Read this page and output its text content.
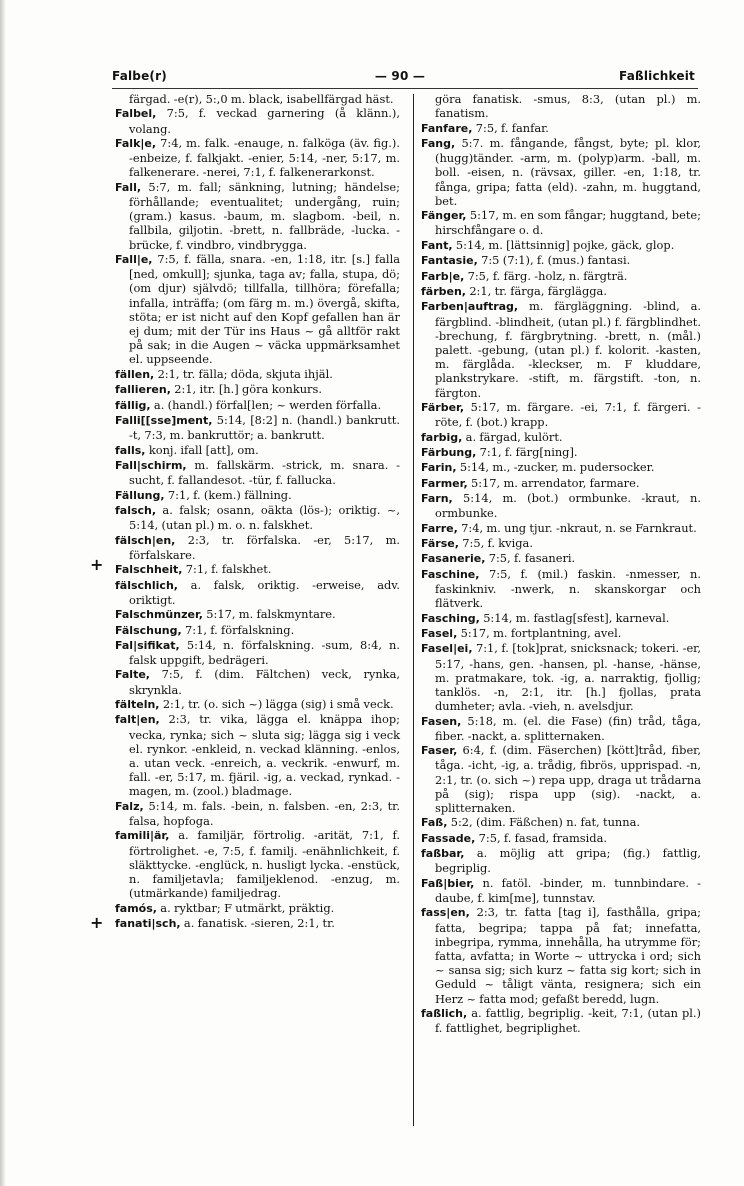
Falbe(r)	— 90 —	Faßlichkeit
+
+
färgad. -e(r), 5:,0 m. black, isabellfärgad häst.
Falbel, 7:5, f. veckad garnering (å klänn.), volang.
Falk|e, 7:4, m. falk. -enauge, n. falköga (äv. fig.). -enbeize, f. falkjakt. -enier, 5:14, -ner, 5:17, m. falkenerare. -nerei, 7:1, f. falkenerarkonst.
Fall, 5:7, m. fall; sänkning, lutning; händelse; förhållande; eventualitet; undergång, ruin; (gram.) kasus. -baum, m. slagbom. -beil, n. fallbila, giljotin. -brett, n. fallbräde, -lucka. -brücke, f. vindbro, vindbrygga.
Fall|e, 7:5, f. fälla, snara. -en, 1:18, itr. [s.] falla [ned, omkull]; sjunka, taga av; falla, stupa, dö; (om djur) självdö; tillfalla, tillhöra; förefalla; infalla, inträffa; (om färg m. m.) övergå, skifta, stöta; er ist nicht auf den Kopf gefallen han är ej dum; mit der Tür ins Haus ~ gå alltför rakt på sak; in die Augen ~ väcka uppmärksamhet el. uppseende.
fällen, 2:1, tr. fälla; döda, skjuta ihjäl.
fallieren, 2:1, itr. [h.] göra konkurs.
fällig, a. (handl.) förfal[len; ~ werden förfalla.
Falli[[sse]ment, 5:14, [8:2] n. (handl.) bankrutt. -t, 7:3, m. bankruttör; a. bankrutt.
falls, konj. ifall [att], om.
Fall|schirm, m. fallskärm. -strick, m. snara. -sucht, f. fallandesot. -tür, f. fallucka.
Fällung, 7:1, f. (kem.) fällning.
falsch, a. falsk; osann, oäkta (lös-); oriktig. ~, 5:14, (utan pl.) m. o. n. falskhet.
fälsch|en, 2:3, tr. förfalska. -er, 5:17, m. förfalskare.
Falschheit, 7:1, f. falskhet.
fälschlich, a. falsk, oriktig. -erweise, adv. oriktigt.
Falschmünzer, 5:17, m. falskmyntare.
Fälschung, 7:1, f. förfalskning.
Fal|sifikat, 5:14, n. förfalskning. -sum, 8:4, n. falsk uppgift, bedrägeri.
Falte, 7:5, f. (dim. Fältchen) veck, rynka, skrynkla.
fälteln, 2:1, tr. (o. sich ~) lägga (sig) i små veck.
falt|en, 2:3, tr. vika, lägga el. knäppa ihop; vecka, rynka; sich ~ sluta sig; lägga sig i veck el. rynkor. -enkleid, n. veckad klänning. -enlos, a. utan veck. -enreich, a. veckrik. -enwurf, m. fall. -er, 5:17, m. fjäril. -ig, a. veckad, rynkad. -magen, m. (zool.) bladmage.
Falz, 5:14, m. fals. -bein, n. falsben. -en, 2:3, tr. falsa, hopfoga.
famili|är, a. familjär, förtrolig. -arität, 7:1, f. förtrolighet. -e, 7:5, f. familj. -enähnlichkeit, f. släkttycke. -englück, n. husligt lycka. -enstück, n. familjetavla; familjeklenod. -enzug, m. (utmärkande) familjedrag.
famós, a. ryktbar; F utmärkt, präktig.
fanati|sch, a. fanatisk. -sieren, 2:1, tr.
göra fanatisk. -smus, 8:3, (utan pl.) m. fanatism.
Fanfare, 7:5, f. fanfar.
Fang, 5:7. m. fångande, fångst, byte; pl. klor, (hugg)tänder. -arm, m. (polyp)arm. -ball, m. boll. -eisen, n. (rävsax, giller. -en, 1:18, tr. fånga, gripa; fatta (eld). -zahn, m. huggtand, bet.
Fänger, 5:17, m. en som fångar; huggtand, bete; hirschfångare o. d.
Fant, 5:14, m. [lättsinnig] pojke, gäck, glop.
Fantasie, 7:5 (7:1), f. (mus.) fantasi.
Farb|e, 7:5, f. färg. -holz, n. färgträ.
färben, 2:1, tr. färga, färglägga.
Farben|auftrag, m. färgläggning. -blind, a. färgblind. -blindheit, (utan pl.) f. färgblindhet. -brechung, f. färgbrytning. -brett, n. (mål.) palett. -gebung, (utan pl.) f. kolorit. -kasten, m. färglåda. -kleckser, m. F kluddare, plankstrykare. -stift, m. färgstift. -ton, n. färgton.
Färber, 5:17, m. färgare. -ei, 7:1, f. färgeri. -röte, f. (bot.) krapp.
farbig, a. färgad, kulört.
Färbung, 7:1, f. färg[ning].
Farin, 5:14, m., -zucker, m. pudersocker.
Farmer, 5:17, m. arrendator, farmare.
Farn, 5:14, m. (bot.) ormbunke. -kraut, n. ormbunke.
Farre, 7:4, m. ung tjur. -nkraut, n. se Farnkraut.
Färse, 7:5, f. kviga.
Fasanerie, 7:5, f. fasaneri.
Faschine, 7:5, f. (mil.) faskin. -nmesser, n. faskinkniv. -nwerk, n. skanskorgar och flätverk.
Fasching, 5:14, m. fastlag[sfest], karneval.
Fasel, 5:17, m. fortplantning, avel.
Fasel|ei, 7:1, f. [tok]prat, snicksnack; tokeri. -er, 5:17, -hans, gen. -hansen, pl. -hanse, -hänse, m. pratmakare, tok. -ig, a. narraktig, fjollig; tanklös. -n, 2:1, itr. [h.] fjollas, prata dumheter; avla. -vieh, n. avelsdjur.
Fasen, 5:18, m. (el. die Fase) (fin) tråd, tåga, fiber. -nackt, a. splitternaken.
Faser, 6:4, f. (dim. Fäserchen) [kött]tråd, fiber, tåga. -icht, -ig, a. trådig, fibrös, upprispad. -n, 2:1, tr. (o. sich ~) repa upp, draga ut trådarna på (sig); rispa upp (sig). -nackt, a. splitternaken.
Faß, 5:2, (dim. Fäßchen) n. fat, tunna.
Fassade, 7:5, f. fasad, framsida.
faßbar, a. möjlig att gripa; (fig.) fattlig, begriplig.
Faß|bier, n. fatöl. -binder, m. tunnbindare. -daube, f. kim[me], tunnstav.
fass|en, 2:3, tr. fatta [tag i], fasthålla, gripa; fatta, begripa; tappa på fat; innefatta, inbegripa, rymma, innehålla, ha utrymme för; fatta, avfatta; in Worte ~ uttrycka i ord; sich ~ sansa sig; sich kurz ~ fatta sig kort; sich in Geduld ~ tåligt vänta, resignera; sich ein Herz ~ fatta mod; gefaßt beredd, lugn.
faßlich, a. fattlig, begriplig. -keit, 7:1, (utan pl.) f. fattlighet, begriplighet.
